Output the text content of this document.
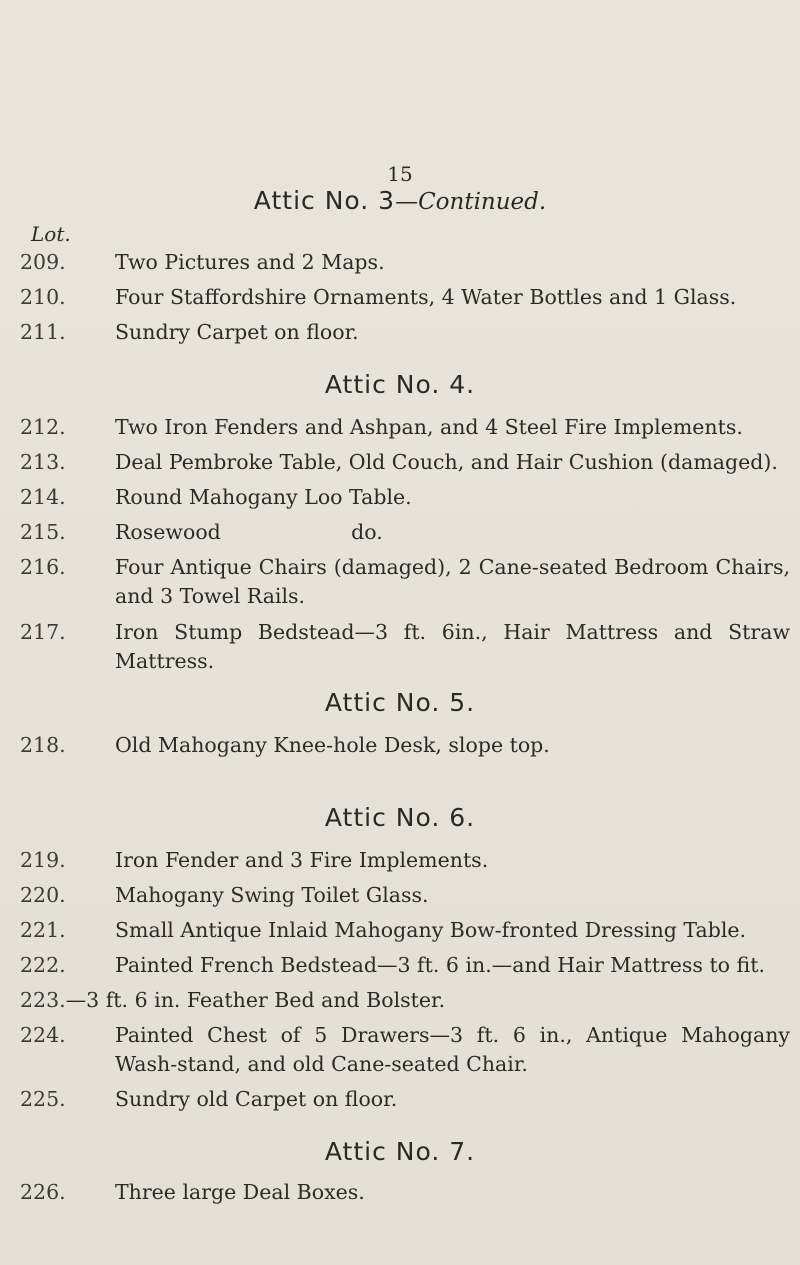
15
Attic No. 3—Continued.
Lot.
209.	Two Pictures and 2 Maps.
210.	Four Staffordshire Ornaments, 4 Water Bottles and 1 Glass.
211.	Sundry Carpet on floor.
Attic No. 4.
212.	Two Iron Fenders and Ashpan, and 4 Steel Fire Implements.
213.	Deal Pembroke Table, Old Couch, and Hair Cushion (damaged).
214.	Round Mahogany Loo Table.
215.	Rosewood                    do.
216.	Four Antique Chairs (damaged), 2 Cane-seated Bedroom Chairs, and 3 Towel Rails.
217.	Iron Stump Bedstead—3 ft. 6in., Hair Mattress and Straw Mattress.
Attic No. 5.
218.	Old Mahogany Knee-hole Desk, slope top.
Attic No. 6.
219.	Iron Fender and 3 Fire Implements.
220.	Mahogany Swing Toilet Glass.
221.	Small Antique Inlaid Mahogany Bow-fronted Dressing Table.
222.	Painted French Bedstead—3 ft. 6 in.—and Hair Mattress to fit.
223.—3 ft. 6 in. Feather Bed and Bolster.
224.	Painted Chest of 5 Drawers—3 ft. 6 in., Antique Mahogany Wash-stand, and old Cane-seated Chair.
225.	Sundry old Carpet on floor.
Attic No. 7.
226.	Three large Deal Boxes.
